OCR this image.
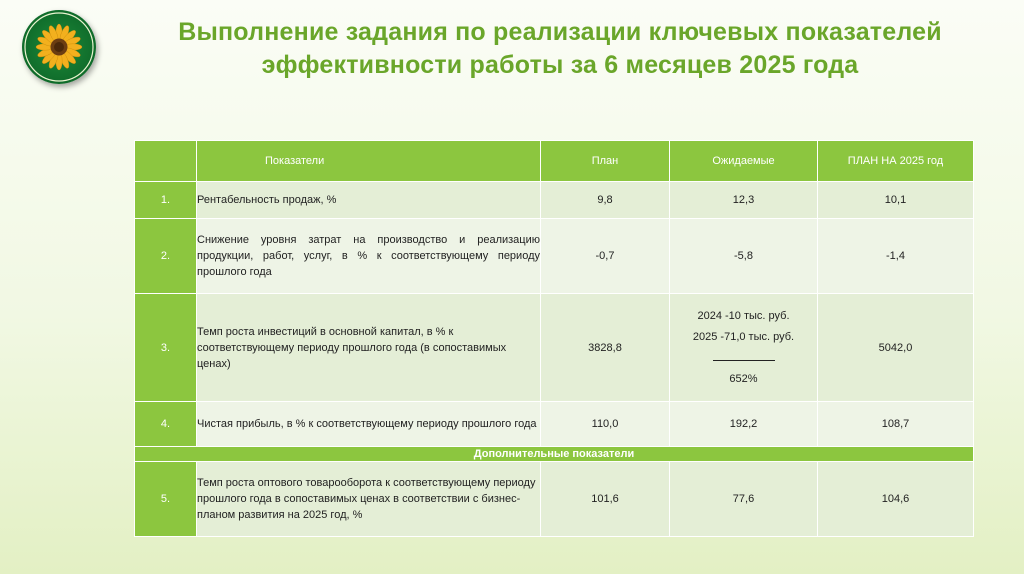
Выполнение задания по реализации ключевых показателей эффективности работы за 6 месяцев 2025 года
	Показатели	План	Ожидаемые	ПЛАН НА 2025 год
1.	Рентабельность продаж, %	9,8	12,3	10,1
2.	Снижение уровня затрат на производство и реализацию продукции, работ, услуг, в % к соответствующему периоду прошлого года	-0,7	-5,8	-1,4
3.	Темп роста инвестиций в основной капитал, в % к соответствующему периоду прошлого года (в сопоставимых ценах)	3828,8	2024 -10 тыс. руб.
2025 -71,0 тыс. руб.
652%	5042,0
4.	Чистая прибыль, в % к соответствующему периоду прошлого года	110,0	192,2	108,7
Дополнительные показатели				
5.	Темп роста оптового товарооборота к соответствующему периоду прошлого года в сопоставимых ценах в соответствии с бизнес-планом развития на 2025 год, %	101,6	77,6	104,6
